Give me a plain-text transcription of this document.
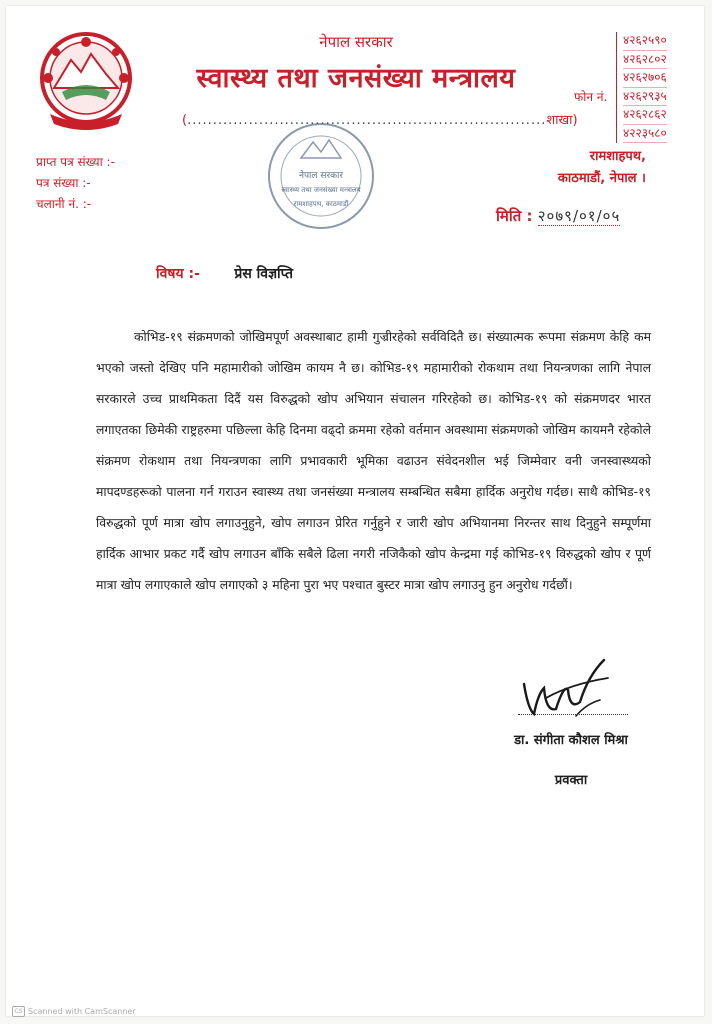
नेपाल सरकार
स्वास्थ्य तथा जनसंख्या मन्त्रालय
(......................................................................शाखा)
फोन नं.
४२६२५९०
४२६२८०२
४२६२७०६
४२६२९३५
४२६२८६२
४२२३५८०
प्राप्त पत्र संख्या :-
पत्र संख्या :-
चलानी नं. :-
नेपाल सरकार
स्वास्थ्य तथा जनसंख्या मन्त्रालय
रामशाहपथ, काठमाडौं
रामशाहपथ,
काठमाडौं, नेपाल ।
मिति : २०७९/०१/०५
विषय :- प्रेस विज्ञप्ति
कोभिड-१९ संक्रमणको जोखिमपूर्ण अवस्थाबाट हामी गुज्रीरहेको सर्वविदितै छ। संख्यात्मक रूपमा संक्रमण केहि कम भएको जस्तो देखिए पनि महामारीको जोखिम कायम नै छ। कोभिड-१९ महामारीको रोकथाम तथा नियन्त्रणका लागि नेपाल सरकारले उच्च प्राथमिकता दिदैं यस विरुद्धको खोप अभियान संचालन गरिरहेको छ। कोभिड-१९ को संक्रमणदर भारत लगाएतका छिमेकी राष्ट्रहरुमा पछिल्ला केहि दिनमा वढ्दो क्रममा रहेको वर्तमान अवस्थामा संक्रमणको जोखिम कायमनै रहेकोले संक्रमण रोकथाम तथा नियन्त्रणका लागि प्रभावकारी भूमिका वढाउन संवेदनशील भई जिम्मेवार वनी जनस्वास्थ्यको मापदण्डहरूको पालना गर्न गराउन स्वास्थ्य तथा जनसंख्या मन्त्रालय सम्बन्धित सबैमा हार्दिक अनुरोध गर्दछ। साथै कोभिड-१९ विरुद्धको पूर्ण मात्रा खोप लगाउनुहुने, खोप लगाउन प्रेरित गर्नुहुने र जारी खोप अभियानमा निरन्तर साथ दिनुहुने सम्पूर्णमा हार्दिक आभार प्रकट गर्दै खोप लगाउन बाँकि सबैले ढिला नगरी नजिकैको खोप केन्द्रमा गई कोभिड-१९ विरुद्धको खोप र पूर्ण मात्रा खोप लगाएकाले खोप लगाएको ३ महिना पुरा भए पश्चात बुस्टर मात्रा खोप लगाउनु हुन अनुरोध गर्दछौं।
डा. संगीता कौशल मिश्रा
प्रवक्ता
CS Scanned with CamScanner
